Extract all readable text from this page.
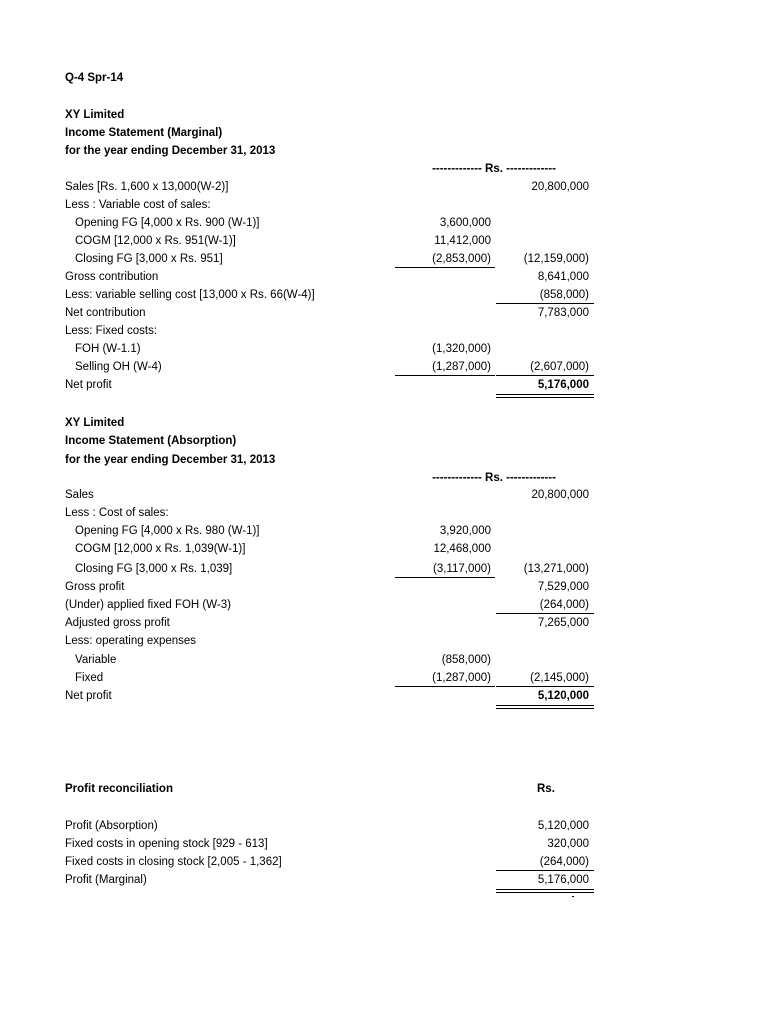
Q-4 Spr-14
XY Limited
Income Statement (Marginal)
for the year ending December 31, 2013
------------- Rs. -------------
Sales [Rs. 1,600 x 13,000(W-2)]	20,800,000
Less : Variable cost of sales:
Opening FG [4,000 x Rs. 900 (W-1)]	3,600,000
COGM [12,000 x Rs. 951(W-1)]	11,412,000
Closing FG [3,000 x Rs. 951]	(2,853,000)	(12,159,000)
Gross contribution	8,641,000
Less: variable selling cost [13,000 x Rs. 66(W-4)]	(858,000)
Net contribution	7,783,000
Less: Fixed costs:
FOH (W-1.1)	(1,320,000)
Selling OH (W-4)	(1,287,000)	(2,607,000)
Net profit	5,176,000
XY Limited
Income Statement (Absorption)
for the year ending December 31, 2013
------------- Rs. -------------
Sales	20,800,000
Less : Cost of sales:
Opening FG [4,000 x Rs. 980 (W-1)]	3,920,000
COGM [12,000 x Rs. 1,039(W-1)]	12,468,000
Closing FG [3,000 x Rs. 1,039]	(3,117,000)	(13,271,000)
Gross profit	7,529,000
(Under) applied fixed FOH (W-3)	(264,000)
Adjusted gross profit	7,265,000
Less: operating expenses
Variable	(858,000)
Fixed	(1,287,000)	(2,145,000)
Net profit	5,120,000
Profit reconciliation	Rs.
Profit (Absorption)	5,120,000
Fixed costs in opening stock [929 - 613]	320,000
Fixed costs in closing stock [2,005 - 1,362]	(264,000)
Profit (Marginal)	5,176,000
